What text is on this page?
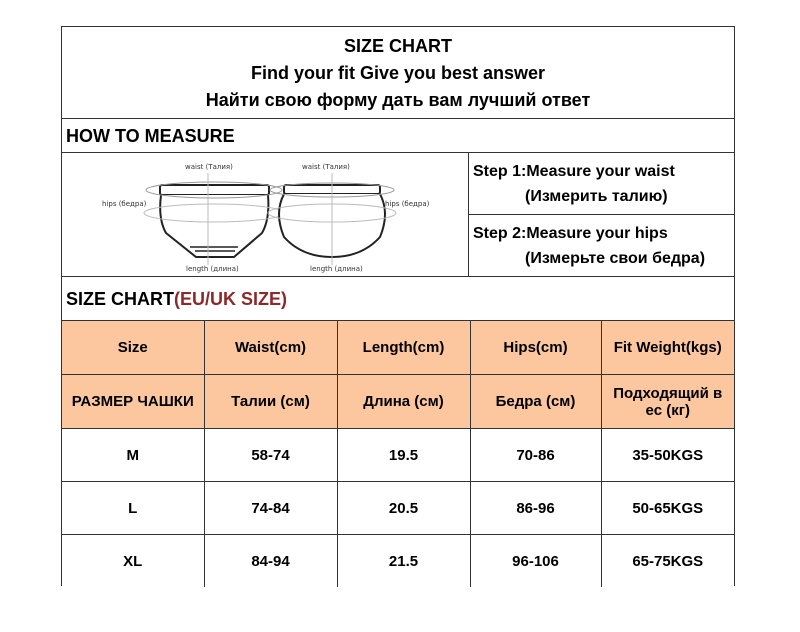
SIZE CHART
Find your fit Give you best answer
Найти свою форму дать вам лучший ответ
HOW TO MEASURE
waist (Талия)	waist (Талия)
hips (бедра)	hips (бедра)
length (длина)	length (длина)
Step 1:Measure your waist
(Измерить талию)
Step 2:Measure your hips
(Измерьте свои бедра)
SIZE CHART(EU/UK SIZE)
Size	Waist(cm)	Length(cm)	Hips(cm)	Fit Weight(kgs)
РАЗМЕР ЧАШКИ	Талии (см)	Длина (см)	Бедра (см)	Подходящий в ес (кг)
M	58-74	19.5	70-86	35-50KGS
L	74-84	20.5	86-96	50-65KGS
XL	84-94	21.5	96-106	65-75KGS
